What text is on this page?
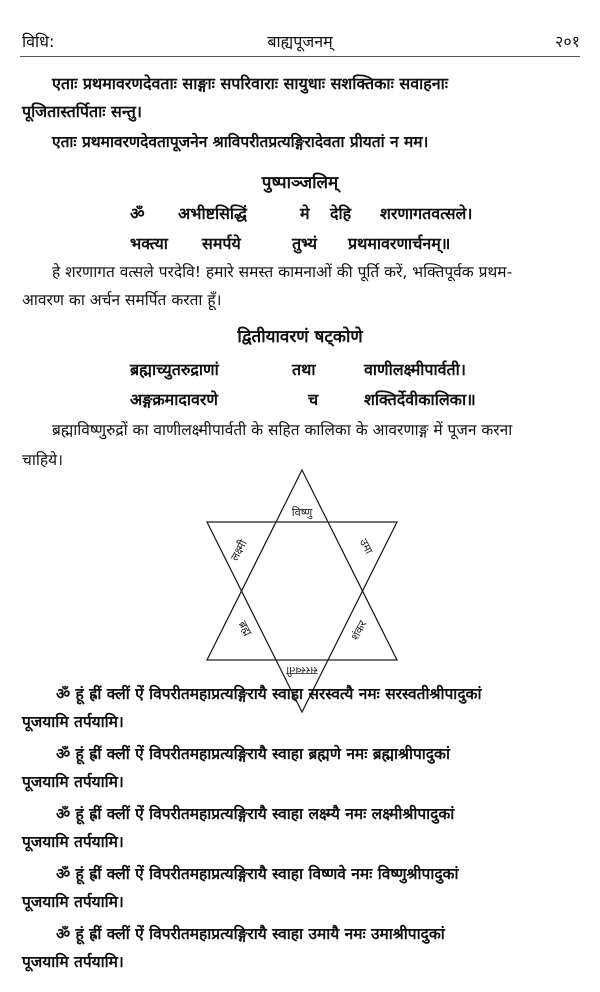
विधि:	बाह्यपूजनम्	२०१
एताः प्रथमावरणदेवताः साङ्गाः सपरिवाराः सायुधाः सशक्तिकाः सवाहनाः
पूजितास्तर्पिताः सन्तु।
एताः प्रथमावरणदेवतापूजनेन श्राविपरीतप्रत्यङ्गिरादेवता प्रीयतां न मम।
पुष्पाञ्जलिम्
ॐ अभीष्टसिद्धिं	मे देहि शरणागतवत्सले।
भक्त्या समर्पये	तुभ्यं प्रथमावरणार्चनम्॥
हे शरणागत वत्सले परदेवि! हमारे समस्त कामनाओं की पूर्ति करें, भक्तिपूर्वक प्रथम-
आवरण का अर्चन समर्पित करता हूँ।
द्वितीयावरणं षट्कोणे
ब्रह्माच्युतरुद्राणां	तथा	वाणीलक्ष्मीपार्वती।
अङ्गक्रमादावरणे	च	शक्तिर्देवीकालिका॥
ब्रह्माविष्णुरुद्रों का वाणीलक्ष्मीपार्वती के सहित कालिका के आवरणाङ्ग में पूजन करना
चाहिये।
विष्णु
लक्ष्मी	उमा
ब्रह्म	शंकर
सरस्वती
ॐ हूं ह्रीं क्लीं ऐं विपरीतमहाप्रत्यङ्गिरायै स्वाहा सरस्वत्यै नमः सरस्वतीश्रीपादुकां
पूजयामि तर्पयामि।
ॐ हूं ह्रीं क्लीं ऐं विपरीतमहाप्रत्यङ्गिरायै स्वाहा ब्रह्मणे नमः ब्रह्माश्रीपादुकां
पूजयामि तर्पयामि।
ॐ हूं ह्रीं क्लीं ऐं विपरीतमहाप्रत्यङ्गिरायै स्वाहा लक्ष्म्यै नमः लक्ष्मीश्रीपादुकां
पूजयामि तर्पयामि।
ॐ हूं ह्रीं क्लीं ऐं विपरीतमहाप्रत्यङ्गिरायै स्वाहा विष्णवे नमः विष्णुश्रीपादुकां
पूजयामि तर्पयामि।
ॐ हूं ह्रीं क्लीं ऐं विपरीतमहाप्रत्यङ्गिरायै स्वाहा उमायै नमः उमाश्रीपादुकां
पूजयामि तर्पयामि।
